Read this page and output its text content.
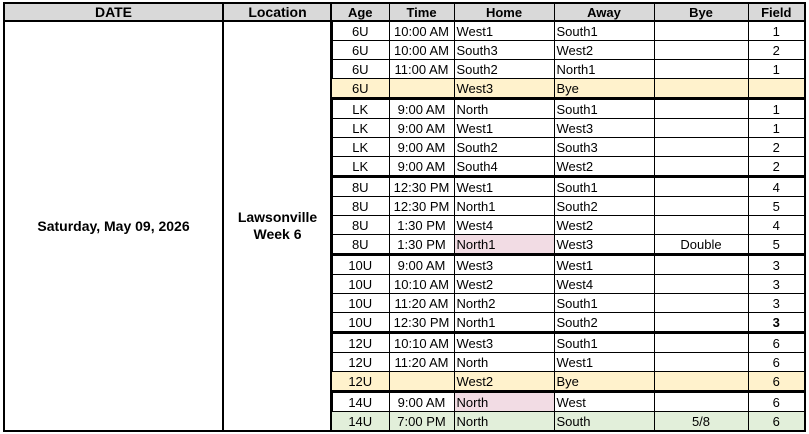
DATE	Location
Saturday, May 09, 2026
Lawsonville
Week 6
Age	Time	Home	Away	Bye	Field
6U	10:00 AM	West1	South1		1
6U	10:00 AM	South3	West2		2
6U	11:00 AM	South2	North1		1
6U		West3	Bye		
LK	9:00 AM	North	South1		1
LK	9:00 AM	West1	West3		1
LK	9:00 AM	South2	South3		2
LK	9:00 AM	South4	West2		2
8U	12:30 PM	West1	South1		4
8U	12:30 PM	North1	South2		5
8U	1:30 PM	West4	West2		4
8U	1:30 PM	North1	West3	Double	5
10U	9:00 AM	West3	West1		3
10U	10:10 AM	West2	West4		3
10U	11:20 AM	North2	South1		3
10U	12:30 PM	North1	South2		3
12U	10:10 AM	West3	South1		6
12U	11:20 AM	North	West1		6
12U		West2	Bye		6
14U	9:00 AM	North	West		6
14U	7:00 PM	North	South	5/8	6
